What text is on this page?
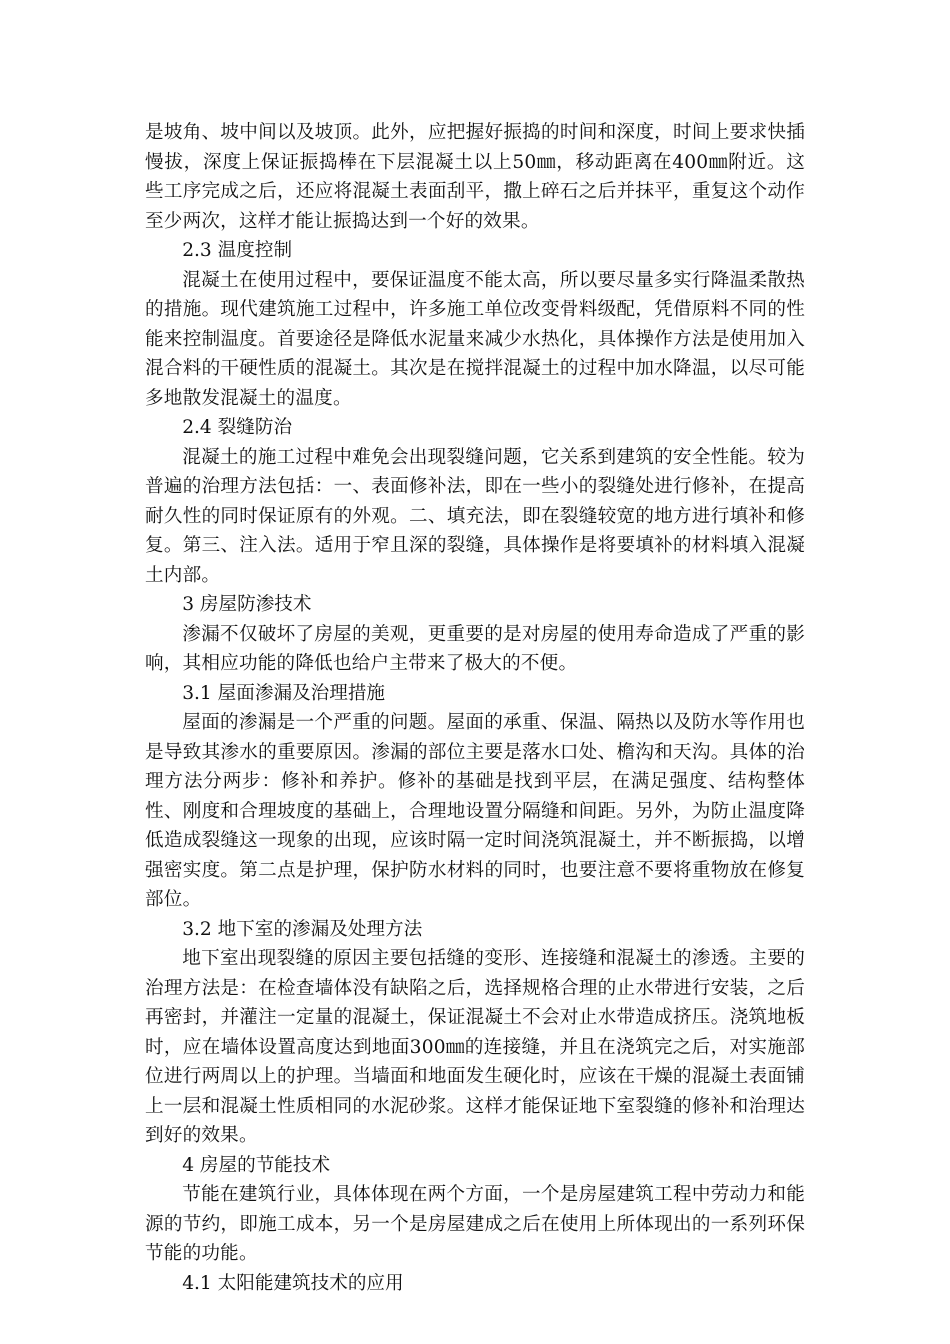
是坡角、坡中间以及坡顶。此外，应把握好振捣的时间和深度，时间上要求快插慢拔，深度上保证振捣棒在下层混凝土以上50㎜，移动距离在400㎜附近。这些工序完成之后，还应将混凝土表面刮平，撒上碎石之后并抹平，重复这个动作至少两次，这样才能让振捣达到一个好的效果。

2.3 温度控制

混凝土在使用过程中，要保证温度不能太高，所以要尽量多实行降温柔散热的措施。现代建筑施工过程中，许多施工单位改变骨料级配，凭借原料不同的性能来控制温度。首要途径是降低水泥量来减少水热化，具体操作方法是使用加入混合料的干硬性质的混凝土。其次是在搅拌混凝土的过程中加水降温，以尽可能多地散发混凝土的温度。

2.4 裂缝防治

混凝土的施工过程中难免会出现裂缝问题，它关系到建筑的安全性能。较为普遍的治理方法包括：一、表面修补法，即在一些小的裂缝处进行修补，在提高耐久性的同时保证原有的外观。二、填充法，即在裂缝较宽的地方进行填补和修复。第三、注入法。适用于窄且深的裂缝，具体操作是将要填补的材料填入混凝土内部。

3 房屋防渗技术

渗漏不仅破坏了房屋的美观，更重要的是对房屋的使用寿命造成了严重的影响，其相应功能的降低也给户主带来了极大的不便。

3.1 屋面渗漏及治理措施

屋面的渗漏是一个严重的问题。屋面的承重、保温、隔热以及防水等作用也是导致其渗水的重要原因。渗漏的部位主要是落水口处、檐沟和天沟。具体的治理方法分两步：修补和养护。修补的基础是找到平层，在满足强度、结构整体性、刚度和合理坡度的基础上，合理地设置分隔缝和间距。另外，为防止温度降低造成裂缝这一现象的出现，应该时隔一定时间浇筑混凝土，并不断振捣，以增强密实度。第二点是护理，保护防水材料的同时，也要注意不要将重物放在修复部位。

3.2 地下室的渗漏及处理方法

地下室出现裂缝的原因主要包括缝的变形、连接缝和混凝土的渗透。主要的治理方法是：在检查墙体没有缺陷之后，选择规格合理的止水带进行安装，之后再密封，并灌注一定量的混凝土，保证混凝土不会对止水带造成挤压。浇筑地板时，应在墙体设置高度达到地面300㎜的连接缝，并且在浇筑完之后，对实施部位进行两周以上的护理。当墙面和地面发生硬化时，应该在干燥的混凝土表面铺上一层和混凝土性质相同的水泥砂浆。这样才能保证地下室裂缝的修补和治理达到好的效果。

4 房屋的节能技术

节能在建筑行业，具体体现在两个方面，一个是房屋建筑工程中劳动力和能源的节约，即施工成本，另一个是房屋建成之后在使用上所体现出的一系列环保节能的功能。

4.1 太阳能建筑技术的应用
